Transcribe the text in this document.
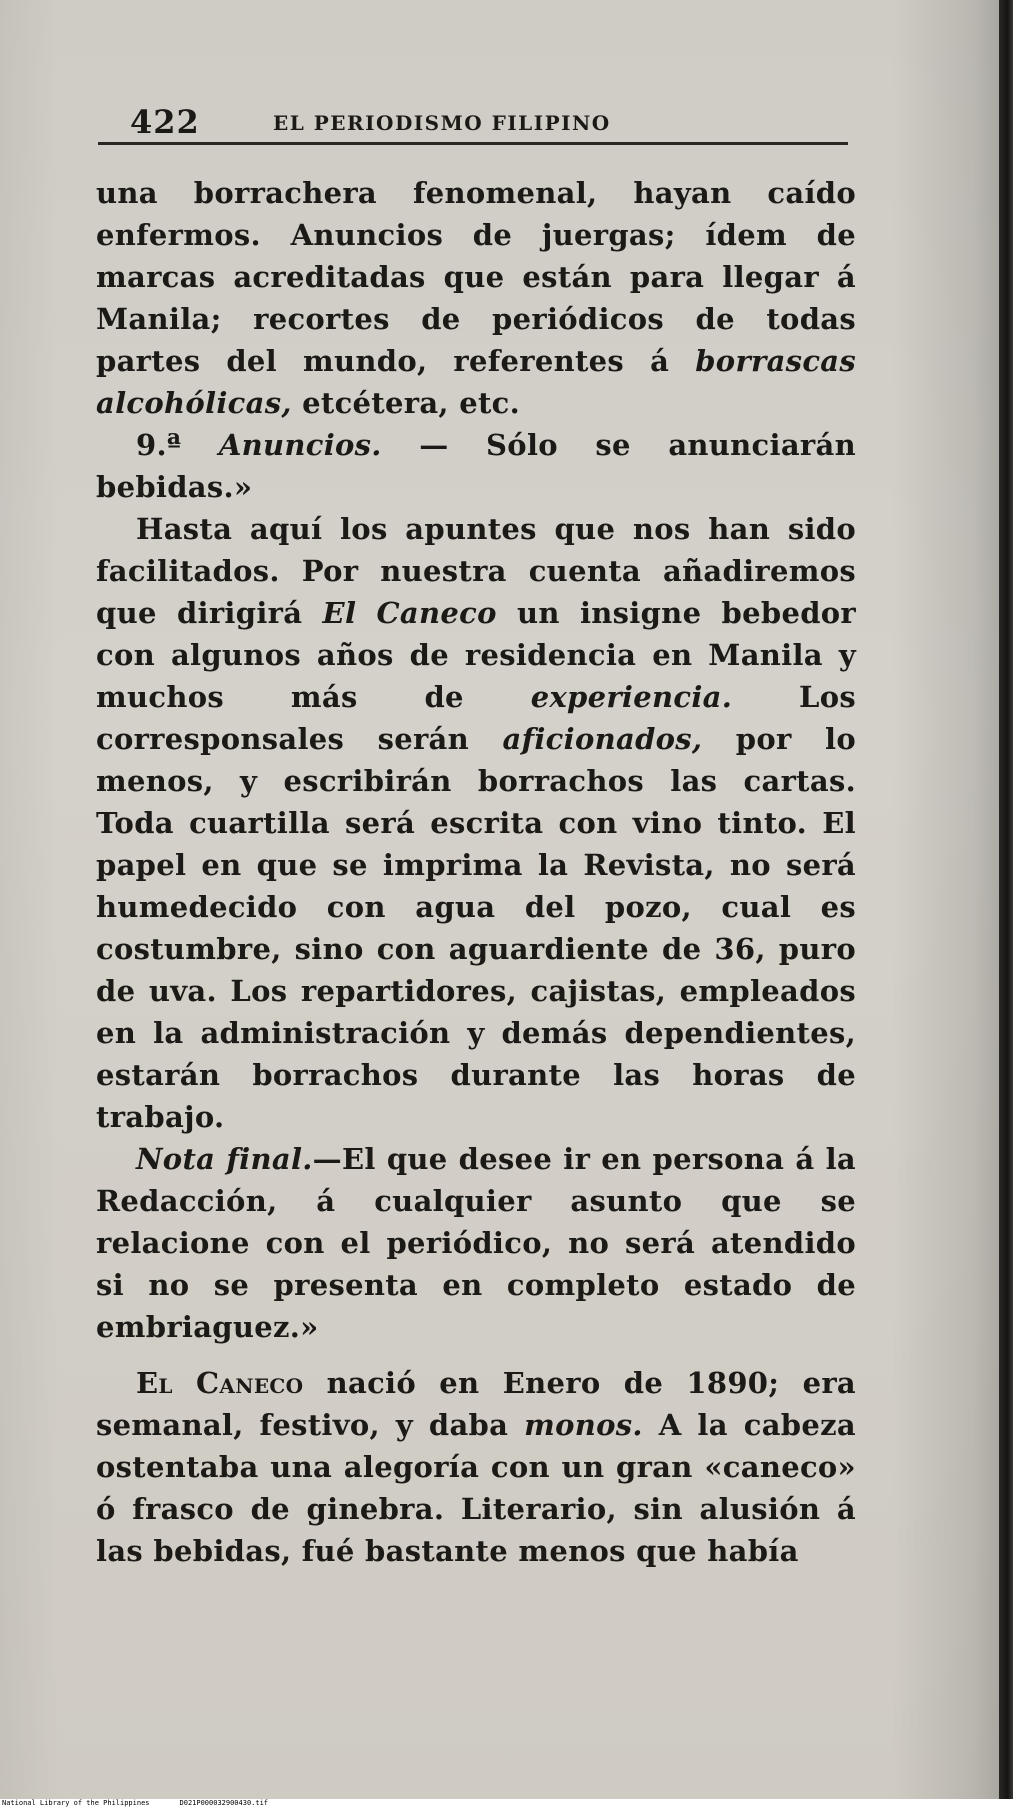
422	EL PERIODISMO FILIPINO

una borrachera fenomenal, hayan caído enfermos. Anuncios de juergas; ídem de marcas acreditadas que están para llegar á Manila; recortes de periódicos de todas partes del mundo, referentes á borrascas alcohólicas, etcétera, etc.

9.ª Anuncios. — Sólo se anunciarán bebidas.»

Hasta aquí los apuntes que nos han sido facilitados. Por nuestra cuenta añadiremos que dirigirá El Caneco un insigne bebedor con algunos años de residencia en Manila y muchos más de experiencia. Los corresponsales serán aficionados, por lo menos, y escribirán borrachos las cartas. Toda cuartilla será escrita con vino tinto. El papel en que se imprima la Revista, no será humedecido con agua del pozo, cual es costumbre, sino con aguardiente de 36, puro de uva. Los repartidores, cajistas, empleados en la administración y demás dependientes, estarán borrachos durante las horas de trabajo.

Nota final.—El que desee ir en persona á la Redacción, á cualquier asunto que se relacione con el periódico, no será atendido si no se presenta en completo estado de embriaguez.»

El Caneco nació en Enero de 1890; era semanal, festivo, y daba monos. A la cabeza ostentaba una alegoría con un gran «caneco» ó frasco de ginebra. Literario, sin alusión á las bebidas, fué bastante menos que había

National Library of the Philippines	D021P000032900430.tif
